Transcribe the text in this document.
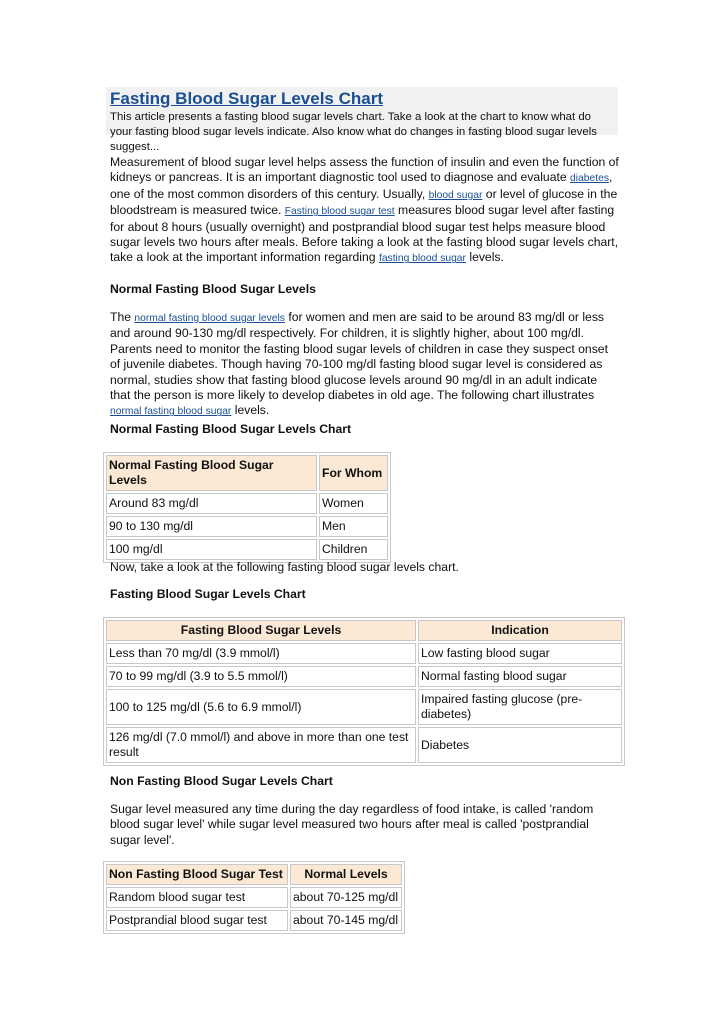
Fasting Blood Sugar Levels Chart
This article presents a fasting blood sugar levels chart. Take a look at the chart to know what do your fasting blood sugar levels indicate. Also know what do changes in fasting blood sugar levels suggest...
Measurement of blood sugar level helps assess the function of insulin and even the function of kidneys or pancreas. It is an important diagnostic tool used to diagnose and evaluate diabetes, one of the most common disorders of this century. Usually, blood sugar or level of glucose in the bloodstream is measured twice. Fasting blood sugar test measures blood sugar level after fasting for about 8 hours (usually overnight) and postprandial blood sugar test helps measure blood sugar levels two hours after meals. Before taking a look at the fasting blood sugar levels chart, take a look at the important information regarding fasting blood sugar levels.
Normal Fasting Blood Sugar Levels
The normal fasting blood sugar levels for women and men are said to be around 83 mg/dl or less and around 90-130 mg/dl respectively. For children, it is slightly higher, about 100 mg/dl. Parents need to monitor the fasting blood sugar levels of children in case they suspect onset of juvenile diabetes. Though having 70-100 mg/dl fasting blood sugar level is considered as normal, studies show that fasting blood glucose levels around 90 mg/dl in an adult indicate that the person is more likely to develop diabetes in old age. The following chart illustrates normal fasting blood sugar levels.
Normal Fasting Blood Sugar Levels Chart
Normal Fasting Blood Sugar Levels	For Whom
Around 83 mg/dl	Women
90 to 130 mg/dl	Men
100 mg/dl	Children
Now, take a look at the following fasting blood sugar levels chart.
Fasting Blood Sugar Levels Chart
Fasting Blood Sugar Levels	Indication
Less than 70 mg/dl (3.9 mmol/l)	Low fasting blood sugar
70 to 99 mg/dl (3.9 to 5.5 mmol/l)	Normal fasting blood sugar
100 to 125 mg/dl (5.6 to 6.9 mmol/l)	Impaired fasting glucose (pre-diabetes)
126 mg/dl (7.0 mmol/l) and above in more than one test result	Diabetes
Non Fasting Blood Sugar Levels Chart
Sugar level measured any time during the day regardless of food intake, is called 'random blood sugar level' while sugar level measured two hours after meal is called 'postprandial sugar level'.
Non Fasting Blood Sugar Test	Normal Levels
Random blood sugar test	about 70-125 mg/dl
Postprandial blood sugar test	about 70-145 mg/dl
